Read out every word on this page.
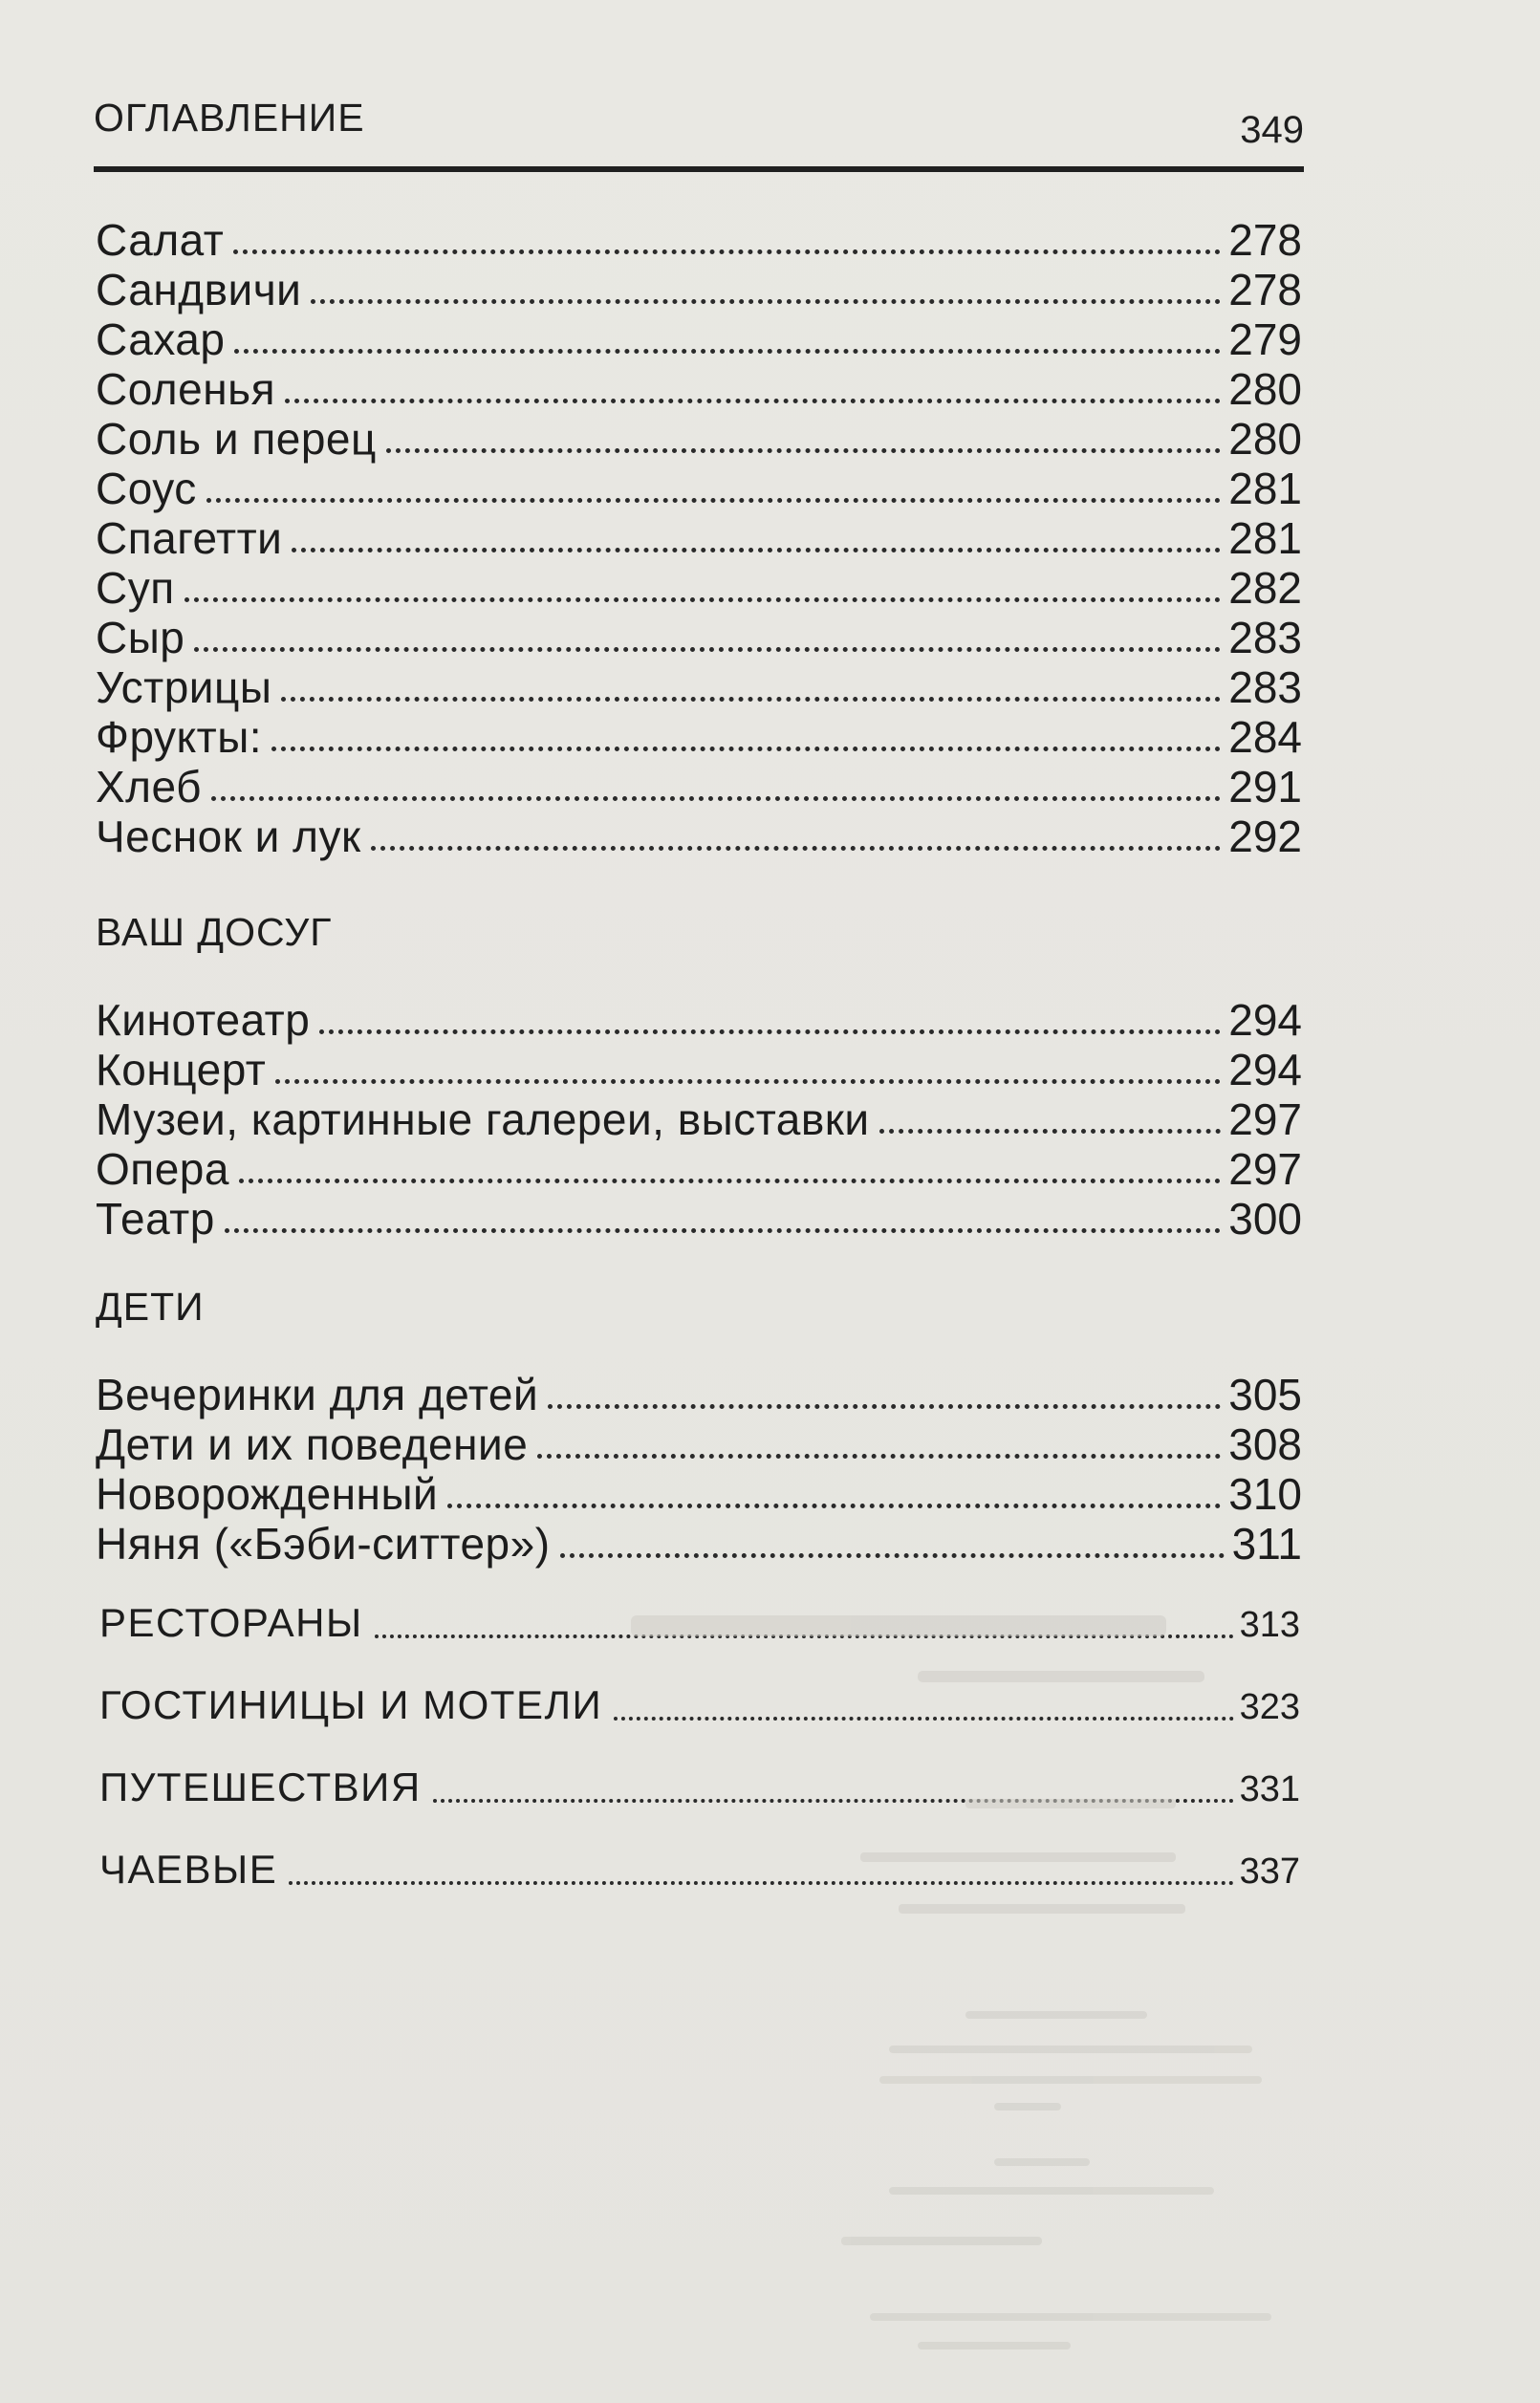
ОГЛАВЛЕНИЕ	349
Салат	278
Сандвичи	278
Сахар	279
Соленья	280
Соль и перец	280
Соус	281
Спагетти	281
Суп	282
Сыр	283
Устрицы	283
Фрукты:	284
Хлеб	291
Чеснок и лук	292
ВАШ ДОСУГ
Кинотеатр	294
Концерт	294
Музеи, картинные галереи, выставки	297
Опера	297
Театр	300
ДЕТИ
Вечеринки для детей	305
Дети и их поведение	308
Новорожденный	310
Няня («Бэби-ситтер»)	311
РЕСТОРАНЫ	313
ГОСТИНИЦЫ И МОТЕЛИ	323
ПУТЕШЕСТВИЯ	331
ЧАЕВЫЕ	337
